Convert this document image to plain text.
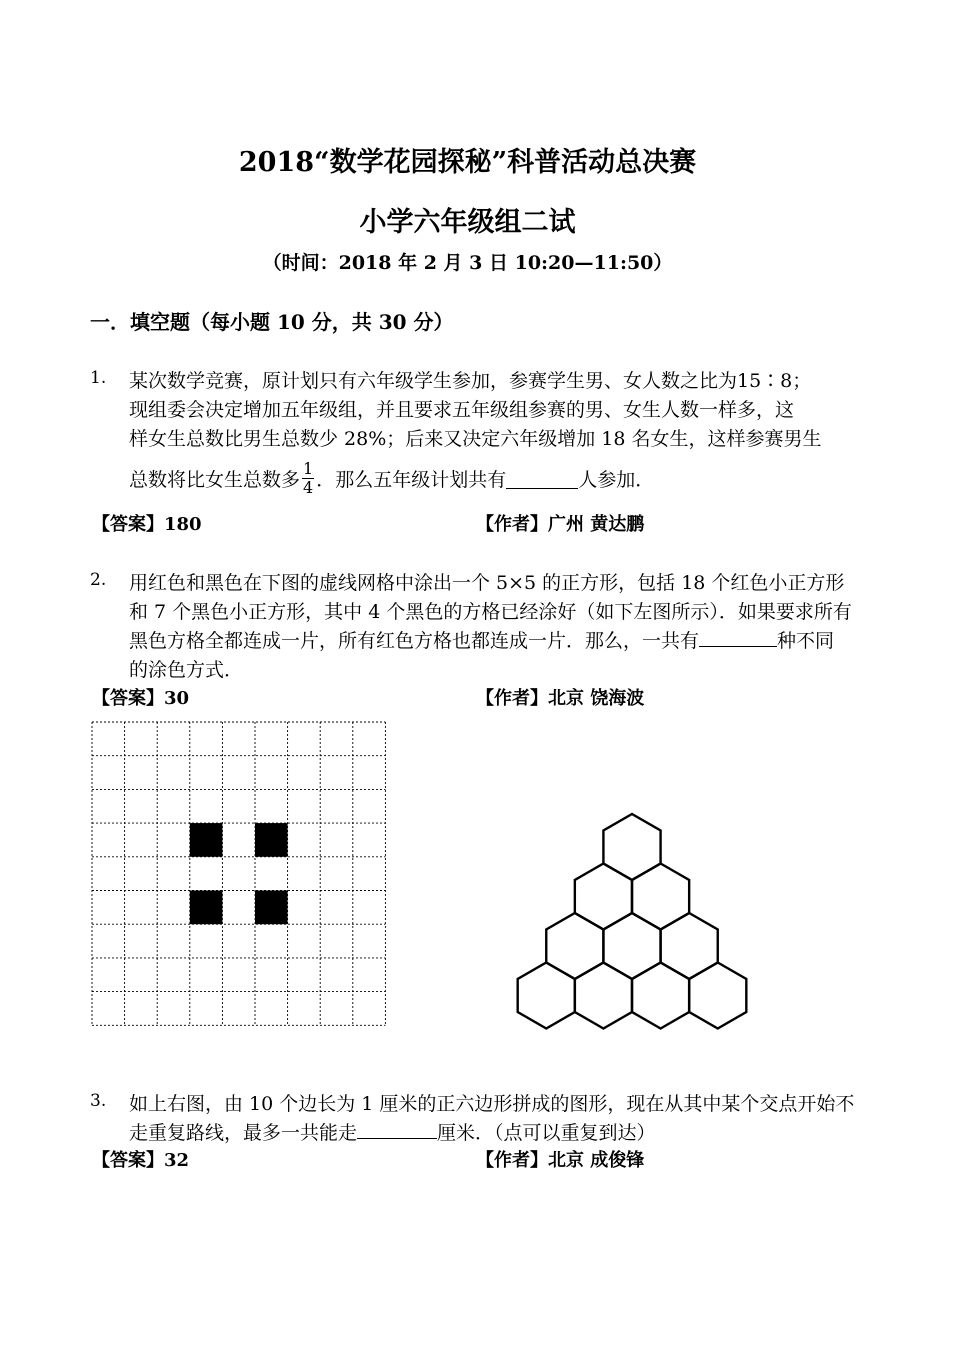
2018“数学花园探秘”科普活动总决赛
小学六年级组二试
（时间：2018 年 2 月 3 日 10:20—11:50）
一．填空题（每小题 10 分，共 30 分）
1. 某次数学竞赛，原计划只有六年级学生参加，参赛学生男、女人数之比为15∶8；
现组委会决定增加五年级组，并且要求五年级组参赛的男、女生人数一样多，这
样女生总数比男生总数少 28%；后来又决定六年级增加 18 名女生，这样参赛男生
总数将比女生总数多 $\frac{1}{4}$ ．那么五年级计划共有	人参加．
【答案】180	【作者】广州 黄达鹏
2. 用红色和黑色在下图的虚线网格中涂出一个 5×5 的正方形，包括 18 个红色小正方形
和 7 个黑色小正方形，其中 4 个黑色的方格已经涂好（如下左图所示）．如果要求所有
黑色方格全都连成一片，所有红色方格也都连成一片．那么，一共有	种不同
的涂色方式．
【答案】30	【作者】北京 饶海波
3. 如上右图，由 10 个边长为 1 厘米的正六边形拼成的图形，现在从其中某个交点开始不
走重复路线，最多一共能走	厘米．（点可以重复到达）
【答案】32	【作者】北京 成俊锋
